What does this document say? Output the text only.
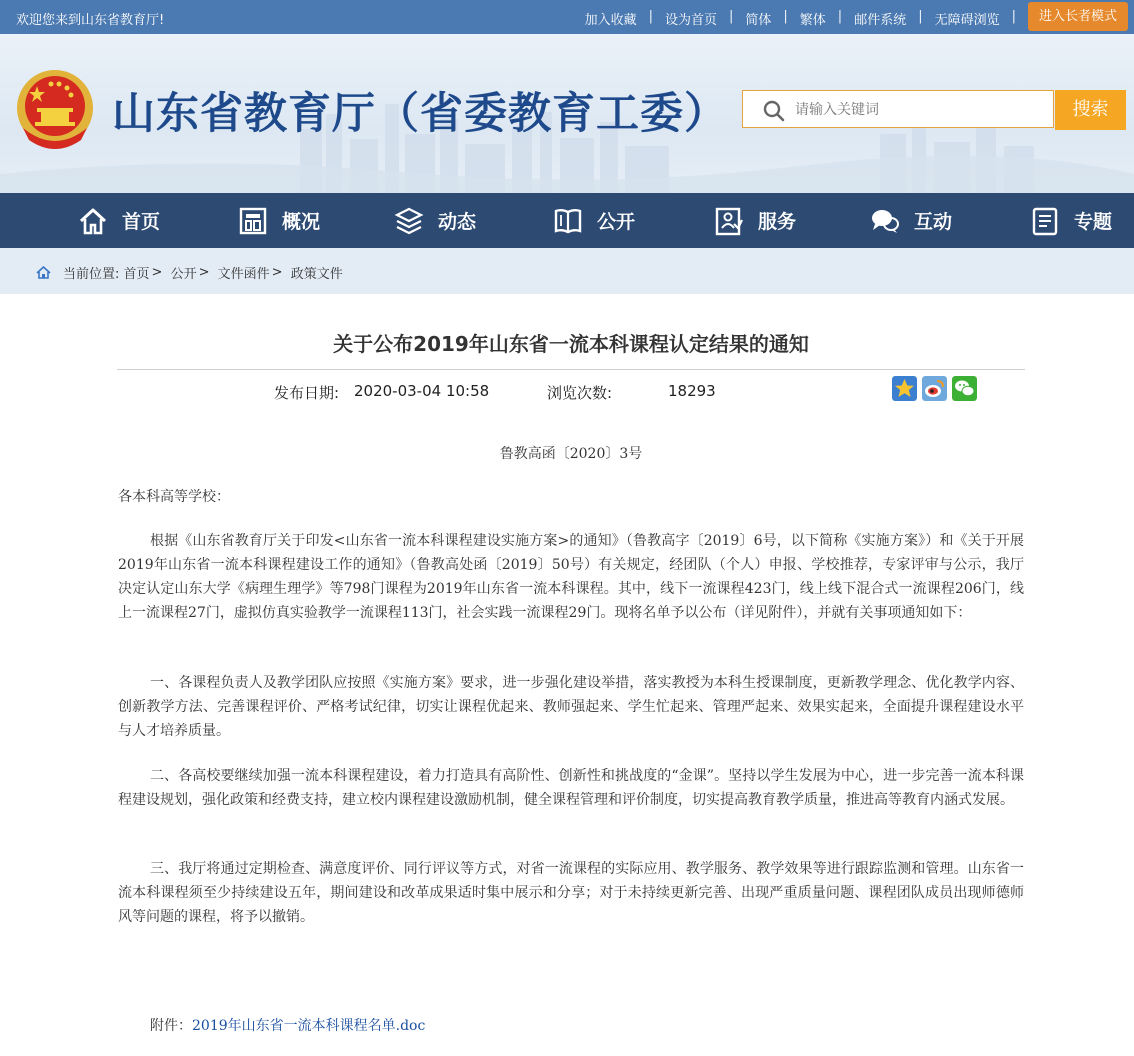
欢迎您来到山东省教育厅!	加入收藏 | 设为首页 | 简体 | 繁体 | 邮件系统 | 无障碍浏览 |	进入长者模式
山东省教育厅（省委教育工委）
请输入关键词	搜索
首页	概况	动态	公开	服务	互动	专题
当前位置:
首页 >
公开 >
文件函件 >
政策文件
关于公布2019年山东省一流本科课程认定结果的通知
发布日期: 2020-03-04 10:58	浏览次数:	18293
鲁教高函〔2020〕3号

各本科高等学校：

根据《山东省教育厅关于印发<山东省一流本科课程建设实施方案>的通知》（鲁教高字〔2019〕6号，以下简称《实施方案》）和《关于开展2019年山东省一流本科课程建设工作的通知》（鲁教高处函〔2019〕50号）有关规定，经团队（个人）申报、学校推荐，专家评审与公示，我厅决定认定山东大学《病理生理学》等798门课程为2019年山东省一流本科课程。其中，线下一流课程423门，线上线下混合式一流课程206门，线上一流课程27门，虚拟仿真实验教学一流课程113门，社会实践一流课程29门。现将名单予以公布（详见附件），并就有关事项通知如下：

一、各课程负责人及教学团队应按照《实施方案》要求，进一步强化建设举措，落实教授为本科生授课制度，更新教学理念、优化教学内容、创新教学方法、完善课程评价、严格考试纪律，切实让课程优起来、教师强起来、学生忙起来、管理严起来、效果实起来，全面提升课程建设水平与人才培养质量。

二、各高校要继续加强一流本科课程建设，着力打造具有高阶性、创新性和挑战度的“金课”。坚持以学生发展为中心，进一步完善一流本科课程建设规划，强化政策和经费支持，建立校内课程建设激励机制，健全课程管理和评价制度，切实提高教育教学质量，推进高等教育内涵式发展。

三、我厅将通过定期检查、满意度评价、同行评议等方式，对省一流课程的实际应用、教学服务、教学效果等进行跟踪监测和管理。山东省一流本科课程须至少持续建设五年，期间建设和改革成果适时集中展示和分享；对于未持续更新完善、出现严重质量问题、课程团队成员出现师德师风等问题的课程，将予以撤销。

附件：2019年山东省一流本科课程名单.doc
